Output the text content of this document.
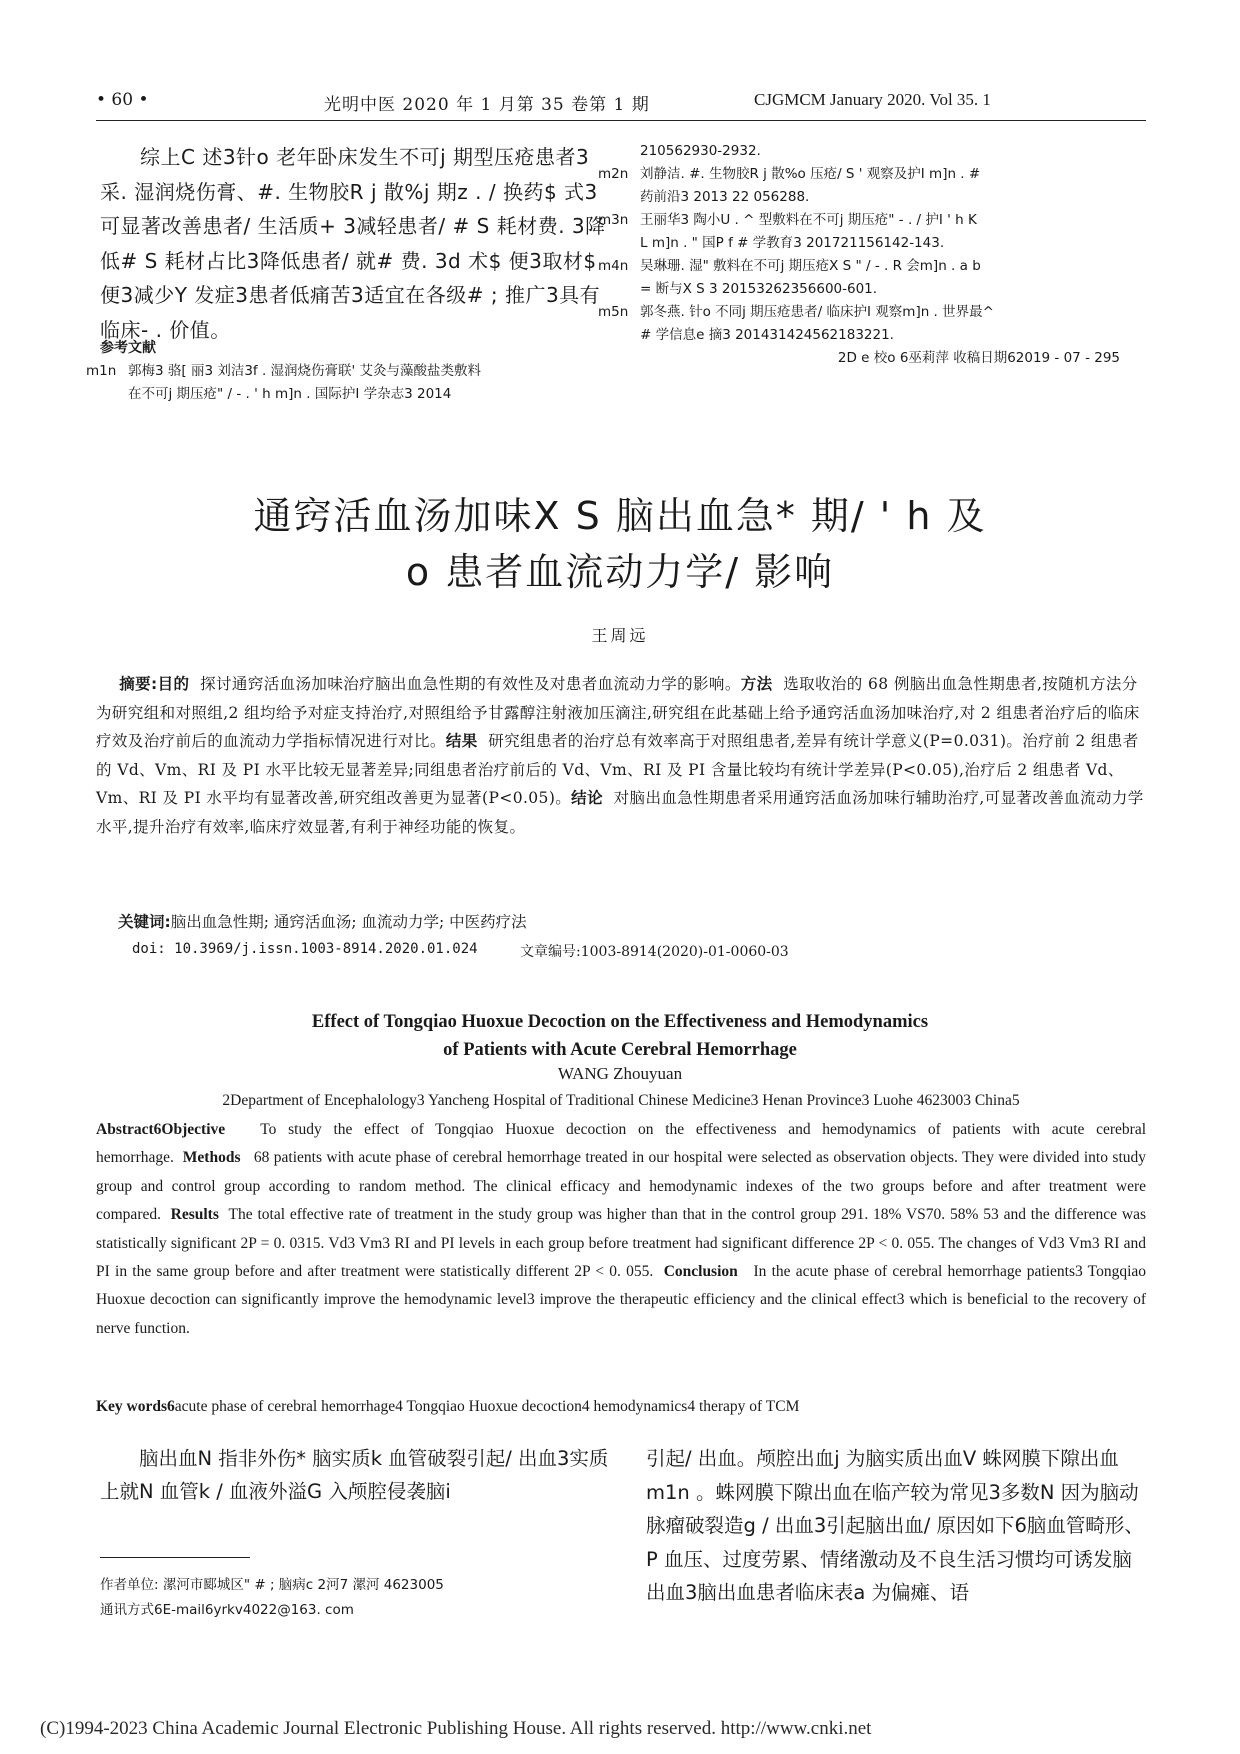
• 60 •	光明中医 2020 年 1 月第 35 卷第 1 期	CJGMCM January 2020. Vol 35. 1
综上C 述3针o 老年卧床发生不可j 期型压疮患者3采. 湿润烧伤膏、#. 生物胶R j 散%j 期z . / 换药$ 式3可显著改善患者/ 生活质+ 3减轻患者/ # S 耗材费. 3降低# S 耗材占比3降低患者/ 就# 费. 3d 术$ 便3取材$ 便3减少Y 发症3患者低痛苦3适宜在各级# ; 推广3具有临床- . 价值。
参考文献
m1n 郭梅3 骆[ 丽3 刘洁3f . 湿润烧伤膏联' 艾灸与藻酸盐类敷料
在不可j 期压疮" / - . ' h m]n . 国际护I 学杂志3 2014
210562930-2932.
m2n 刘静洁. #. 生物胶R j 散%o 压疮/ S ' 观察及护I m]n . #
药前沿3 2013 22 056288.
m3n 王丽华3 陶小U . ^ 型敷料在不可j 期压疮" - . / 护I ' h K
L m]n . " 国P f # 学教育3 201721156142-143.
m4n 吴琳珊. 湿" 敷料在不可j 期压疮X S " / - . R 会m]n . a b
= 断与X S 3 20153262356600-601.
m5n 郭冬燕. 针o 不同j 期压疮患者/ 临床护I 观察m]n . 世界最^
# 学信息e 摘3 201431424562183221.
2D e 校o 6巫莉萍 收稿日期62019 - 07 - 295
通窍活血汤加味X S 脑出血急* 期/ ' h 及
o 患者血流动力学/ 影响
王周远
摘要:目的 探讨通窍活血汤加味治疗脑出血急性期的有效性及对患者血流动力学的影响。方法 选取收治的 68 例脑出血急性期患者,按随机方法分为研究组和对照组,2 组均给予对症支持治疗,对照组给予甘露醇注射液加压滴注,研究组在此基础上给予通窍活血汤加味治疗,对 2 组患者治疗后的临床疗效及治疗前后的血流动力学指标情况进行对比。结果 研究组患者的治疗总有效率高于对照组患者,差异有统计学意义(P=0.031)。治疗前 2 组患者的 Vd、Vm、RI 及 PI 水平比较无显著差异;同组患者治疗前后的 Vd、Vm、RI 及 PI 含量比较均有统计学差异(P<0.05),治疗后 2 组患者 Vd、Vm、RI 及 PI 水平均有显著改善,研究组改善更为显著(P<0.05)。结论 对脑出血急性期患者采用通窍活血汤加味行辅助治疗,可显著改善血流动力学水平,提升治疗有效率,临床疗效显著,有利于神经功能的恢复。
关键词:脑出血急性期; 通窍活血汤; 血流动力学; 中医药疗法
doi: 10.3969/j.issn.1003-8914.2020.01.024	文章编号:1003-8914(2020)-01-0060-03
Effect of Tongqiao Huoxue Decoction on the Effectiveness and Hemodynamics
of Patients with Acute Cerebral Hemorrhage
WANG Zhouyuan
2Department of Encephalology3 Yancheng Hospital of Traditional Chinese Medicine3 Henan Province3 Luohe 4623003 China5
Abstract6Objective To study the effect of Tongqiao Huoxue decoction on the effectiveness and hemodynamics of patients with acute cerebral hemorrhage. Methods 68 patients with acute phase of cerebral hemorrhage treated in our hospital were selected as observation objects. They were divided into study group and control group according to random method. The clinical efficacy and hemodynamic indexes of the two groups before and after treatment were compared. Results The total effective rate of treatment in the study group was higher than that in the control group 291. 18% VS70. 58% 53 and the difference was statistically significant 2P = 0. 0315. Vd3 Vm3 RI and PI levels in each group before treatment had significant difference 2P < 0. 055. The changes of Vd3 Vm3 RI and PI in the same group before and after treatment were statistically different 2P < 0. 055. Conclusion In the acute phase of cerebral hemorrhage patients3 Tongqiao Huoxue decoction can significantly improve the hemodynamic level3 improve the therapeutic efficiency and the clinical effect3 which is beneficial to the recovery of nerve function.
Key words6acute phase of cerebral hemorrhage4 Tongqiao Huoxue decoction4 hemodynamics4 therapy of TCM
脑出血N 指非外伤* 脑实质k 血管破裂引起/ 出血3实质上就N 血管k / 血液外溢G 入颅腔侵袭脑i
引起/ 出血。颅腔出血j 为脑实质出血V 蛛网膜下隙出血m1n 。蛛网膜下隙出血在临产较为常见3多数N 因为脑动脉瘤破裂造g / 出血3引起脑出血/ 原因如下6脑血管畸形、P 血压、过度劳累、情绪激动及不良生活习惯均可诱发脑出血3脑出血患者临床表a 为偏瘫、语
作者单位: 漯河市郾城区" # ; 脑病c 2河7 漯河 4623005
通讯方式6E-mail6yrkv4022@163. com
(C)1994-2023 China Academic Journal Electronic Publishing House. All rights reserved. http://www.cnki.net
